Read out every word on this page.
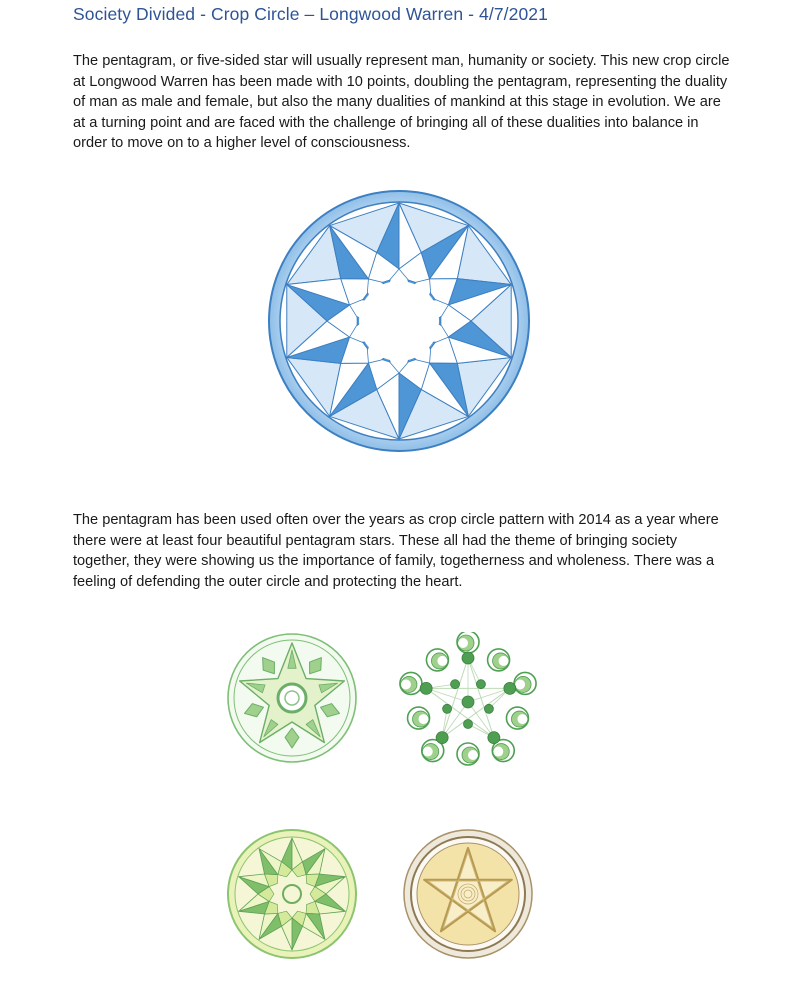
Society Divided - Crop Circle – Longwood Warren - 4/7/2021

The pentagram, or five-sided star will usually represent man, humanity or society. This new crop circle at Longwood Warren has been made with 10 points, doubling the pentagram, representing the duality of man as male and female, but also the many dualities of mankind at this stage in evolution. We are at a turning point and are faced with the challenge of bringing all of these dualities into balance in order to move on to a higher level of consciousness.

The pentagram has been used often over the years as crop circle pattern with 2014 as a year where there were at least four beautiful pentagram stars. These all had the theme of bringing society together, they were showing us the importance of family, togetherness and wholeness. There was a feeling of defending the outer circle and protecting the heart.
